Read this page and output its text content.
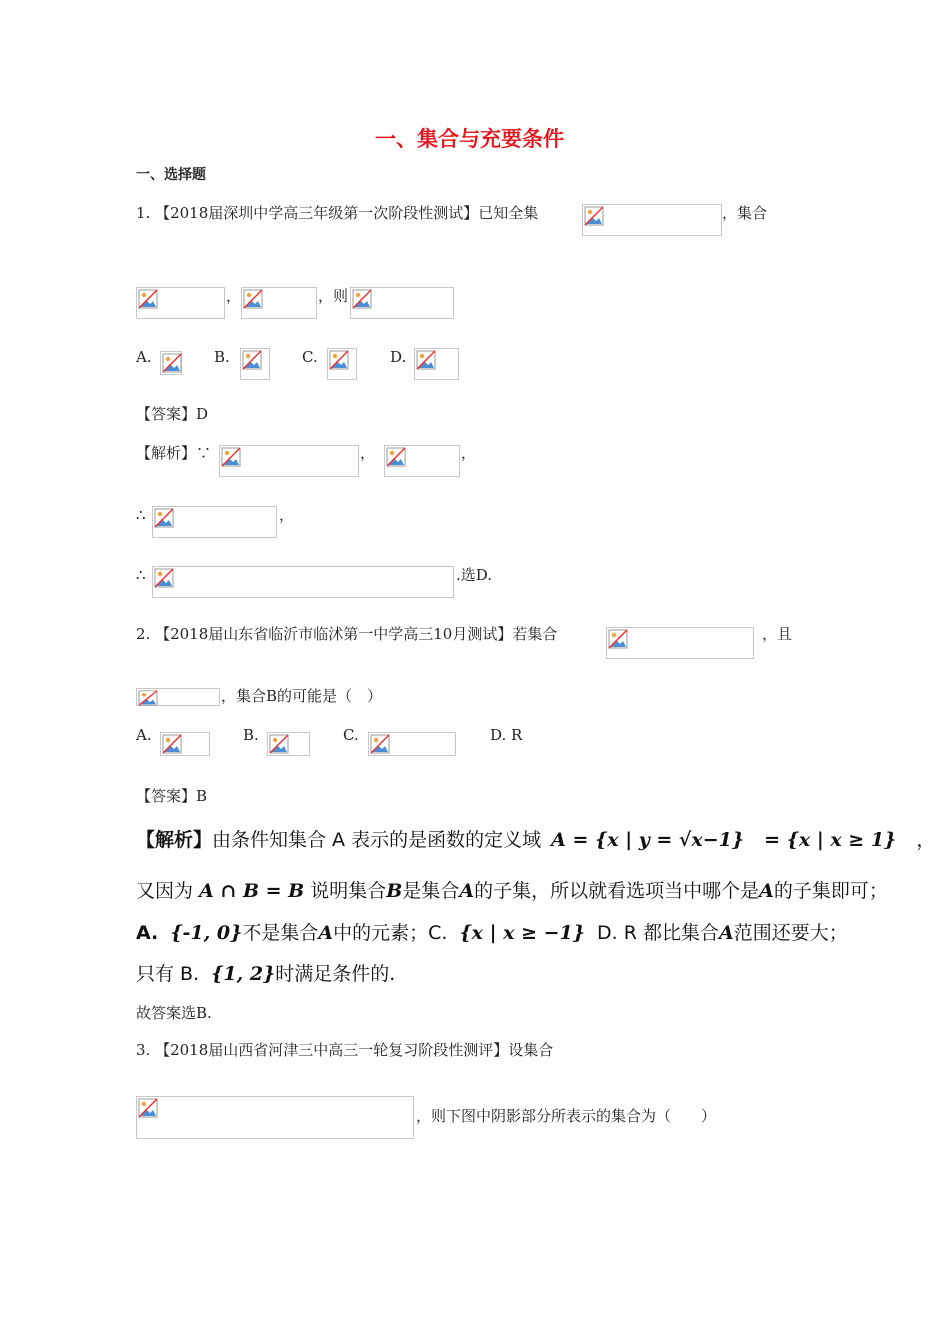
一、集合与充要条件
一、选择题
1. 【2018届深圳中学高三年级第一次阶段性测试】已知全集	，集合
，	，则
A.	B.	C.	D.
【答案】D
【解析】∵	，	，
∴	，
∴	.选D.
2. 【2018届山东省临沂市临沭第一中学高三10月测试】若集合	，且
，集合B的可能是（　）
A.	B.	C.	D. R
【答案】B
【解析】由条件知集合 A 表示的是函数的定义域 A = {x | y = √x−1} = {x | x ≥ 1} ，
又因为 A ∩ B = B 说明集合B是集合A的子集，所以就看选项当中哪个是A的子集即可；
A. {-1, 0}不是集合A中的元素；C. {x | x ≥ −1} D. R 都比集合A范围还要大；
只有 B. {1, 2}时满足条件的.
故答案选B.
3. 【2018届山西省河津三中高三一轮复习阶段性测评】设集合
，则下图中阴影部分所表示的集合为（　　）
